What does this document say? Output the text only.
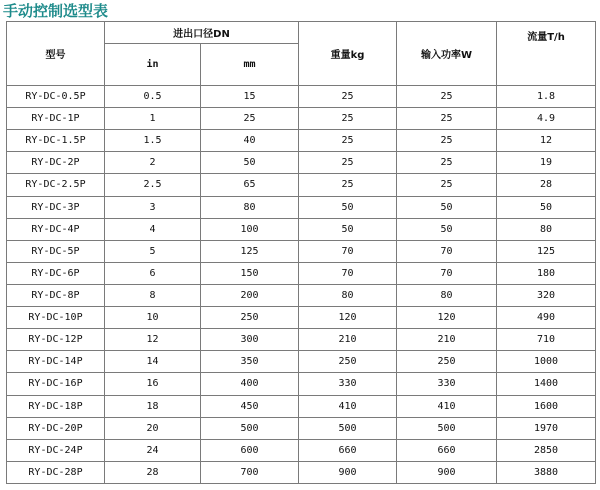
手动控制选型表
型号	进出口径DN		重量kg	输入功率W	流量T/h
	in	mm			
RY-DC-0.5P	0.5	15	25	25	1.8
RY-DC-1P	1	25	25	25	4.9
RY-DC-1.5P	1.5	40	25	25	12
RY-DC-2P	2	50	25	25	19
RY-DC-2.5P	2.5	65	25	25	28
RY-DC-3P	3	80	50	50	50
RY-DC-4P	4	100	50	50	80
RY-DC-5P	5	125	70	70	125
RY-DC-6P	6	150	70	70	180
RY-DC-8P	8	200	80	80	320
RY-DC-10P	10	250	120	120	490
RY-DC-12P	12	300	210	210	710
RY-DC-14P	14	350	250	250	1000
RY-DC-16P	16	400	330	330	1400
RY-DC-18P	18	450	410	410	1600
RY-DC-20P	20	500	500	500	1970
RY-DC-24P	24	600	660	660	2850
RY-DC-28P	28	700	900	900	3880
